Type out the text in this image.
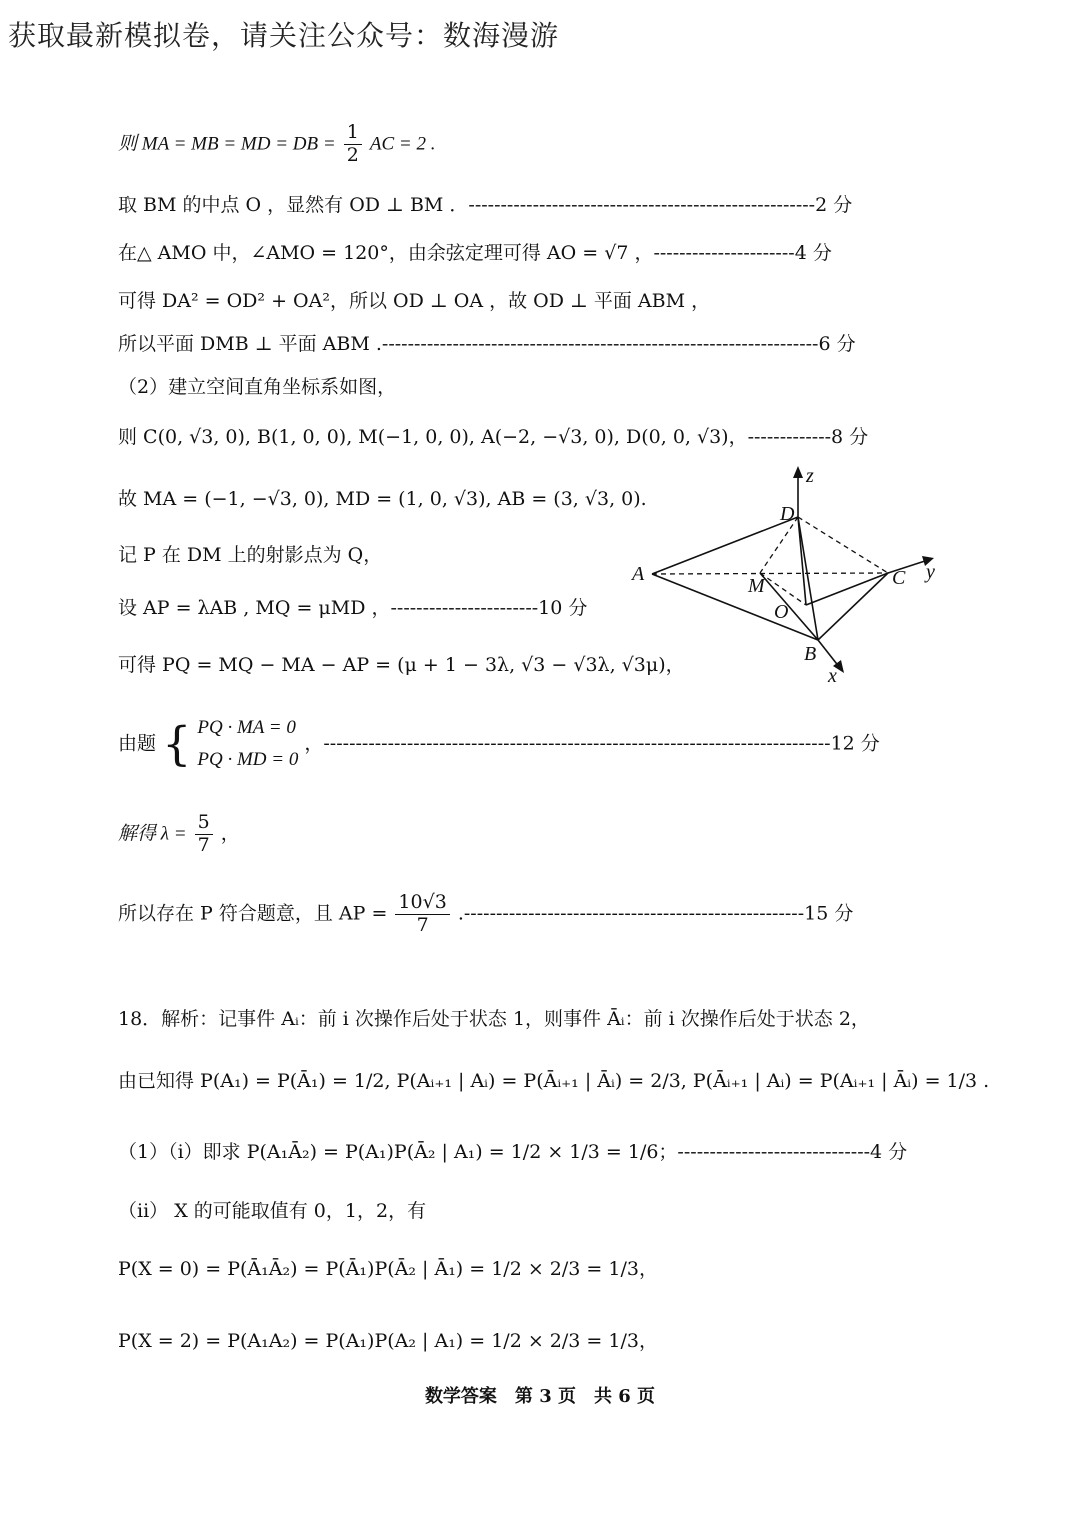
获取最新模拟卷，请关注公众号：数海漫游
则 MA = MB = MD = DB = $\frac{1}{2}$ AC = 2 .
取 BM 的中点 O ，显然有 OD ⊥ BM ．------------------------------------------------------2 分
在△ AMO 中，∠AMO = 120°，由余弦定理可得 AO = √7 ，----------------------4 分
可得 DA² = OD² + OA²，所以 OD ⊥ OA ，故 OD ⊥ 平面 ABM ，
所以平面 DMB ⊥ 平面 ABM .--------------------------------------------------------------------6 分
（2）建立空间直角坐标系如图，
则 C(0, √3, 0), B(1, 0, 0), M(−1, 0, 0), A(−2, −√3, 0), D(0, 0, √3)，-------------8 分
故 MA = (−1, −√3, 0), MD = (1, 0, √3), AB = (3, √3, 0).
记 P 在 DM 上的射影点为 Q，
设 AP = λAB , MQ = μMD ，-----------------------10 分
可得 PQ = MQ − MA − AP = (μ + 1 − 3λ, √3 − √3λ, √3μ)，
由题 { PQ · MA = 0
PQ · MD = 0
，-------------------------------------------------------------------------------12 分
解得 $\lambda = \frac{5}{7}$ ，
所以存在 P 符合题意，且 AP = $\frac{10√3}{7} .-----------------------------------------------------15$ 分
18．解析：记事件 Aᵢ：前 i 次操作后处于状态 1，则事件 Āᵢ：前 i 次操作后处于状态 2，
由已知得 P(A₁) = P(Ā₁) = 1/2, P(Aᵢ₊₁ | Aᵢ) = P(Āᵢ₊₁ | Āᵢ) = 2/3, P(Āᵢ₊₁ | Aᵢ) = P(Aᵢ₊₁ | Āᵢ) = 1/3 .
（1）（i）即求 P(A₁Ā₂) = P(A₁)P(Ā₂ | A₁) = 1/2 × 1/3 = 1/6；------------------------------4 分
（ii） X 的可能取值有 0，1，2，有
P(X = 0) = P(Ā₁Ā₂) = P(Ā₁)P(Ā₂ | Ā₁) = 1/2 × 2/3 = 1/3，
P(X = 2) = P(A₁A₂) = P(A₁)P(A₂ | A₁) = 1/2 × 2/3 = 1/3，
z
D
A
M	C y
O
B
x
数学答案　第 3 页　共 6 页
